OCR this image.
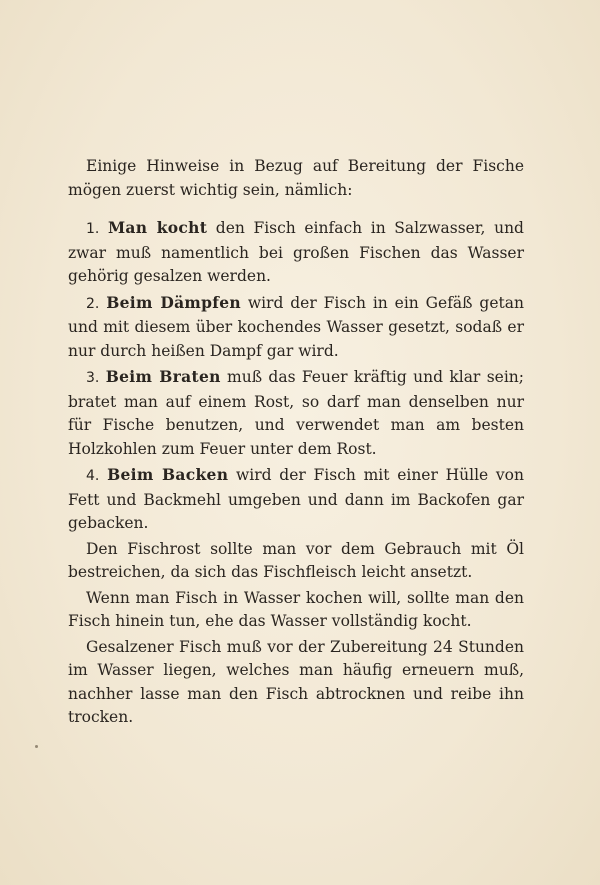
Einige Hinweise in Bezug auf Bereitung der Fische mögen zuerst wichtig sein, nämlich:

1. Man kocht den Fisch einfach in Salzwasser, und zwar muß namentlich bei großen Fischen das Wasser gehörig gesalzen werden.

2. Beim Dämpfen wird der Fisch in ein Gefäß getan und mit diesem über kochendes Wasser gesetzt, sodaß er nur durch heißen Dampf gar wird.

3. Beim Braten muß das Feuer kräftig und klar sein; bratet man auf einem Rost, so darf man denselben nur für Fische benutzen, und verwendet man am besten Holzkohlen zum Feuer unter dem Rost.

4. Beim Backen wird der Fisch mit einer Hülle von Fett und Backmehl umgeben und dann im Backofen gar gebacken.

Den Fischrost sollte man vor dem Gebrauch mit Öl bestreichen, da sich das Fischfleisch leicht ansetzt.

Wenn man Fisch in Wasser kochen will, sollte man den Fisch hinein tun, ehe das Wasser vollständig kocht.

Gesalzener Fisch muß vor der Zubereitung 24 Stunden im Wasser liegen, welches man häufig erneuern muß, nachher lasse man den Fisch abtrocknen und reibe ihn trocken.
